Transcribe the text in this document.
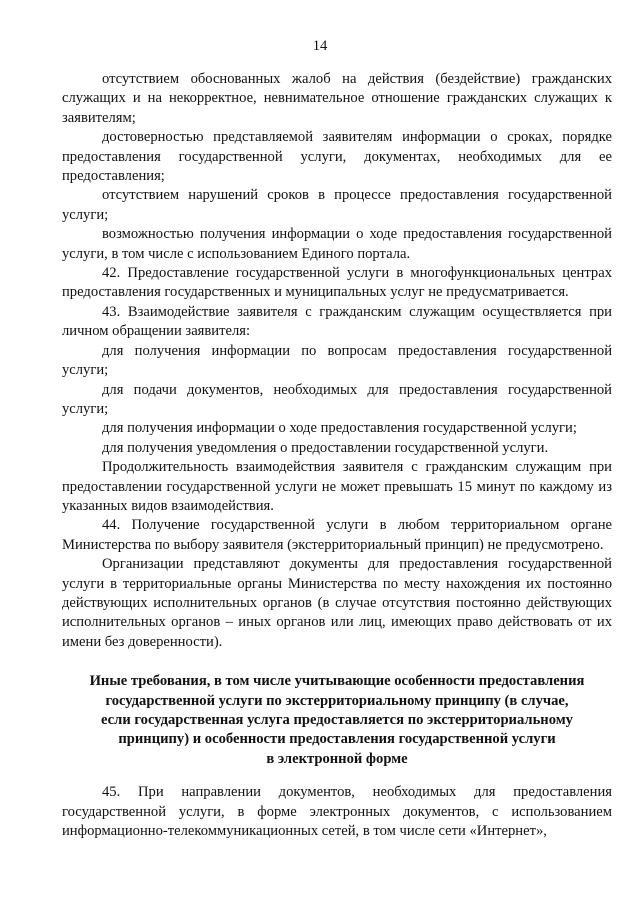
14

отсутствием обоснованных жалоб на действия (бездействие) гражданских служащих и на некорректное, невнимательное отношение гражданских служащих к заявителям;

достоверностью представляемой заявителям информации о сроках, порядке предоставления государственной услуги, документах, необходимых для ее предоставления;

отсутствием нарушений сроков в процессе предоставления государственной услуги;

возможностью получения информации о ходе предоставления государственной услуги, в том числе с использованием Единого портала.

42. Предоставление государственной услуги в многофункциональных центрах предоставления государственных и муниципальных услуг не предусматривается.

43. Взаимодействие заявителя с гражданским служащим осуществляется при личном обращении заявителя:

для получения информации по вопросам предоставления государственной услуги;

для подачи документов, необходимых для предоставления государственной услуги;

для получения информации о ходе предоставления государственной услуги;

для получения уведомления о предоставлении государственной услуги.

Продолжительность взаимодействия заявителя с гражданским служащим при предоставлении государственной услуги не может превышать 15 минут по каждому из указанных видов взаимодействия.

44. Получение государственной услуги в любом территориальном органе Министерства по выбору заявителя (экстерриториальный принцип) не предусмотрено.

Организации представляют документы для предоставления государственной услуги в территориальные органы Министерства по месту нахождения их постоянно действующих исполнительных органов (в случае отсутствия постоянно действующих исполнительных органов – иных органов или лиц, имеющих право действовать от их имени без доверенности).

Иные требования, в том числе учитывающие особенности предоставления
государственной услуги по экстерриториальному принципу (в случае,
если государственная услуга предоставляется по экстерриториальному
принципу) и особенности предоставления государственной услуги
в электронной форме

45. При направлении документов, необходимых для предоставления государственной услуги, в форме электронных документов, с использованием информационно-телекоммуникационных сетей, в том числе сети «Интернет»,
